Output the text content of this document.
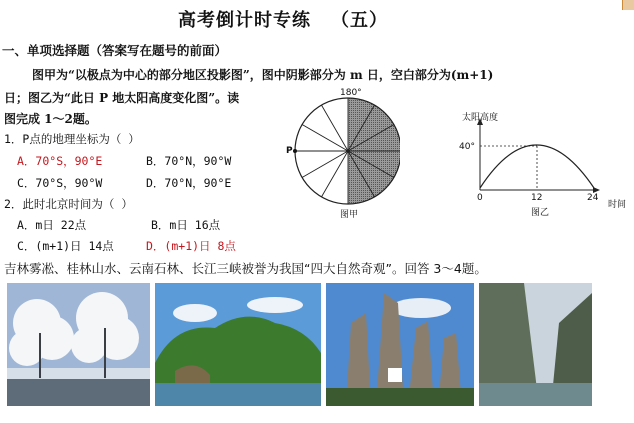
高考倒计时专练 （五）
一、单项选择题（答案写在题号的前面）
图甲为“以极点为中心的部分地区投影图”，图中阴影部分为 m 日，空白部分为(m+1)
日；图乙为“此日 P 地太阳高度变化图”。读
图完成 1～2题。
1．P点的地理坐标为（ ）
A．70°S，90°E	B．70°N，90°W
C．70°S，90°W	D．70°N，90°E
2．此时北京时间为（ ）
A．m日 22点	B．m日 16点
C．(m+1)日 14点	D．(m+1)日 8点
180°
P
图甲
太阳高度
40°
0	12	24
时间
图乙
吉林雾凇、桂林山水、云南石林、长江三峡被誉为我国“四大自然奇观”。回答 3～4题。
